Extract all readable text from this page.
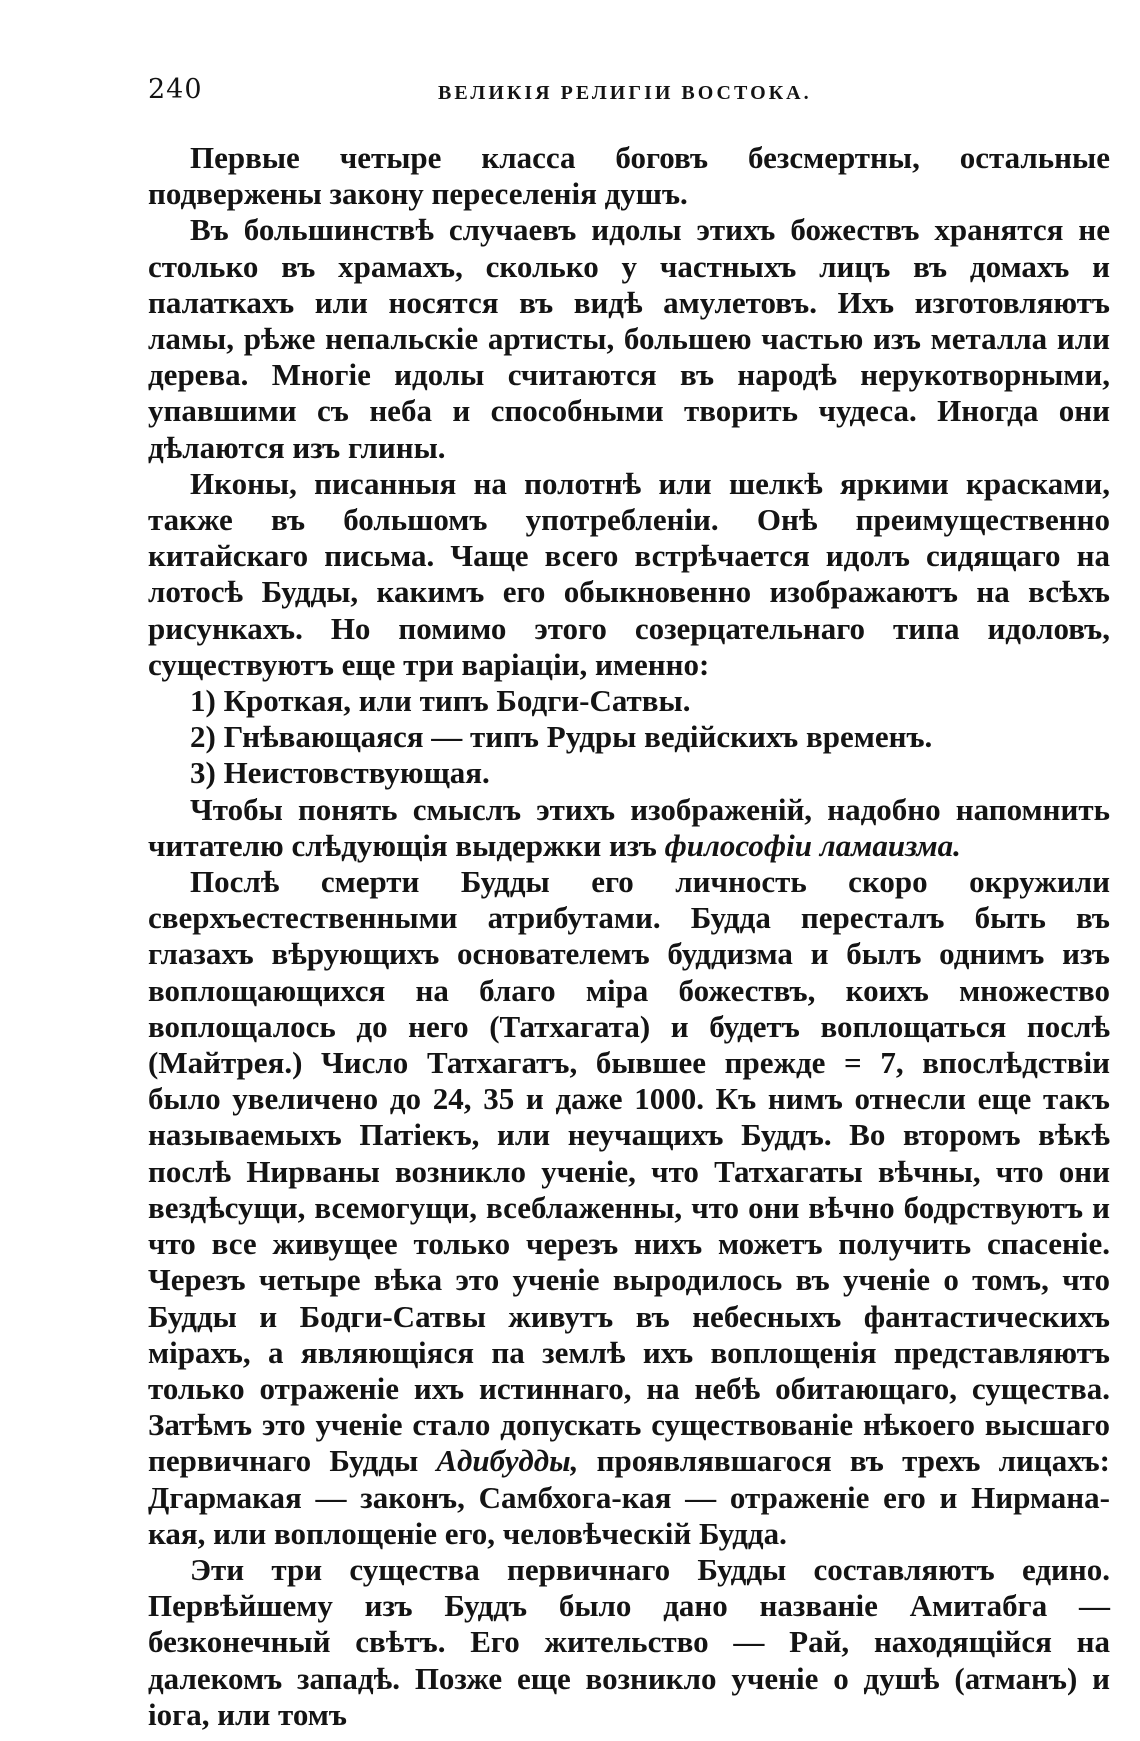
240	ВЕЛИКІЯ РЕЛИГІИ ВОСТОКА.

Первые четыре класса боговъ безсмертны, остальные подвержены закону переселенія душъ.

Въ большинствѣ случаевъ идолы этихъ божествъ хранятся не столько въ храмахъ, сколько у частныхъ лицъ въ домахъ и палаткахъ или носятся въ видѣ амулетовъ. Ихъ изготовляютъ ламы, рѣже непальскіе артисты, большею частью изъ металла или дерева. Многіе идолы считаются въ народѣ нерукотворными, упавшими съ неба и способными творить чудеса. Иногда они дѣлаются изъ глины.

Иконы, писанныя на полотнѣ или шелкѣ яркими красками, также въ большомъ употребленіи. Онѣ преимущественно китайскаго письма. Чаще всего встрѣчается идолъ сидящаго на лотосѣ Будды, какимъ его обыкновенно изображаютъ на всѣхъ рисункахъ. Но помимо этого созерцательнаго типа идоловъ, существуютъ еще три варіаціи, именно:

1) Кроткая, или типъ Бодги-Сатвы.

2) Гнѣвающаяся — типъ Рудры ведійскихъ временъ.

3) Неистовствующая.

Чтобы понять смыслъ этихъ изображеній, надобно напомнить читателю слѣдующія выдержки изъ философіи ламаизма.

Послѣ смерти Будды его личность скоро окружили сверхъестественными атрибутами. Будда пересталъ быть въ глазахъ вѣрующихъ основателемъ буддизма и былъ однимъ изъ воплощающихся на благо міра божествъ, коихъ множество воплощалось до него (Татхагата) и будетъ воплощаться послѣ (Майтрея.) Число Татхагатъ, бывшее прежде = 7, впослѣдствіи было увеличено до 24, 35 и даже 1000. Къ нимъ отнесли еще такъ называемыхъ Патіекъ, или неучащихъ Буддъ. Во второмъ вѣкѣ послѣ Нирваны возникло ученіе, что Татхагаты вѣчны, что они вездѣсущи, всемогущи, всеблаженны, что они вѣчно бодрствуютъ и что все живущее только черезъ нихъ можетъ получить спасеніе. Черезъ четыре вѣка это ученіе выродилось въ ученіе о томъ, что Будды и Бодги-Сатвы живутъ въ небесныхъ фантастическихъ мірахъ, а являющіяся па землѣ ихъ воплощенія представляютъ только отраженіе ихъ истиннаго, на небѣ обитающаго, существа. Затѣмъ это ученіе стало допускать существованіе нѣкоего высшаго первичнаго Будды Адибудды, проявлявшагося въ трехъ лицахъ: Дгармакая — законъ, Самбхога-кая — отраженіе его и Нирмана-кая, или воплощеніе его, человѣческій Будда.

Эти три существа первичнаго Будды составляютъ едино. Первѣйшему изъ Буддъ было дано названіе Амитабга — безконечный свѣтъ. Его жительство — Рай, находящійся на далекомъ западѣ. Позже еще возникло ученіе о душѣ (атманъ) и іога, или томъ
